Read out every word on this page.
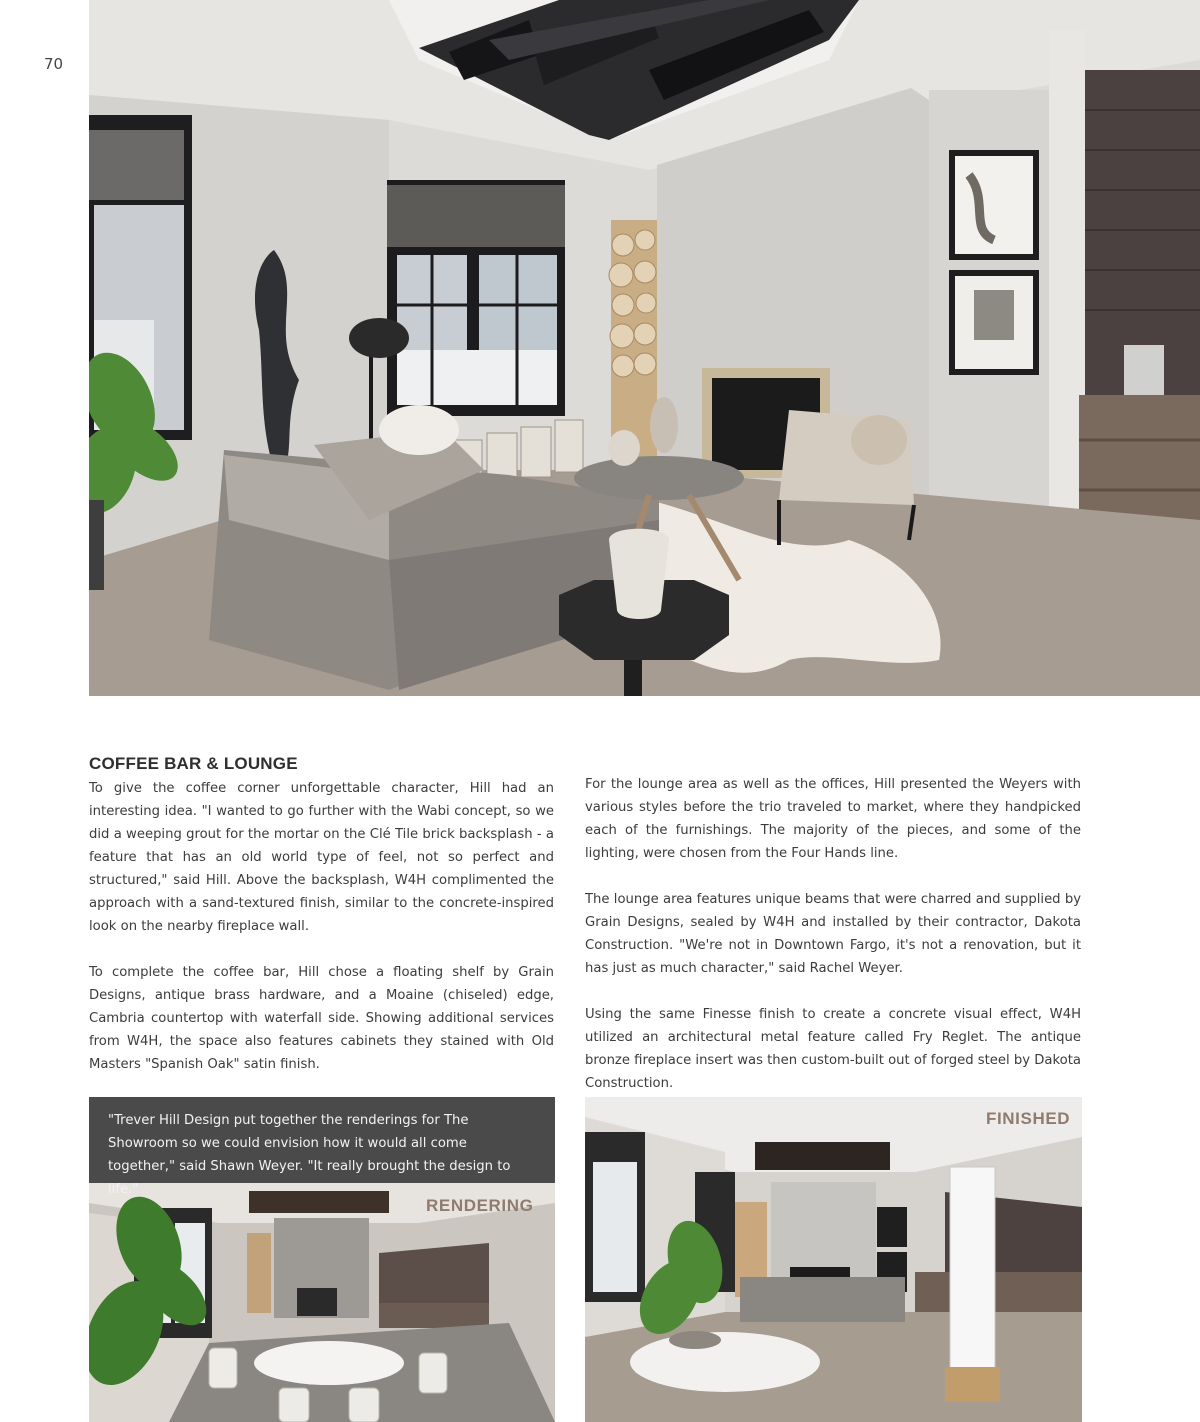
70
COFFEE BAR & LOUNGE

To give the coffee corner unforgettable character, Hill had an interesting idea. "I wanted to go further with the Wabi concept, so we did a weeping grout for the mortar on the Clé Tile brick backsplash - a feature that has an old world type of feel, not so perfect and structured," said Hill. Above the backsplash, W4H complimented the approach with a sand-textured finish, similar to the concrete-inspired look on the nearby fireplace wall.

To complete the coffee bar, Hill chose a floating shelf by Grain Designs, antique brass hardware, and a Moaine (chiseled) edge, Cambria countertop with waterfall side. Showing additional services from W4H, the space also features cabinets they stained with Old Masters "Spanish Oak" satin finish.

For the lounge area as well as the offices, Hill presented the Weyers with various styles before the trio traveled to market, where they handpicked each of the furnishings. The majority of the pieces, and some of the lighting, were chosen from the Four Hands line.

The lounge area features unique beams that were charred and supplied by Grain Designs, sealed by W4H and installed by their contractor, Dakota Construction. "We're not in Downtown Fargo, it's not a renovation, but it has just as much character," said Rachel Weyer.

Using the same Finesse finish to create a concrete visual effect, W4H utilized an architectural metal feature called Fry Reglet. The antique bronze fireplace insert was then custom-built out of forged steel by Dakota Construction.

"Trever Hill Design put together the renderings for The Showroom so we could envision how it would all come together," said Shawn Weyer. "It really brought the design to life."
RENDERING
FINISHED
